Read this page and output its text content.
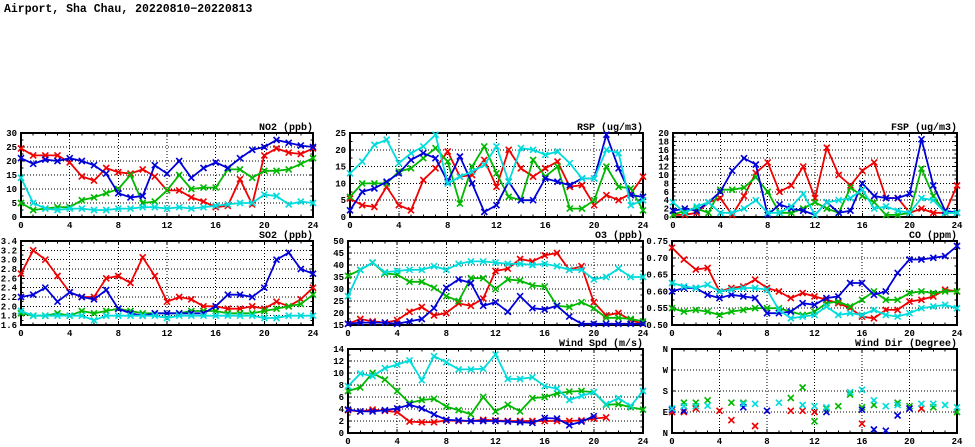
Airport, Sha Chau, 20220810−20220813
0
5
10
15
20
25
30
0	4	8	12	16	20	24
NO2 (ppb)
0
5
10
15
20
25
0	4	8	12	16	20	24
RSP (ug/m3)
0
2
4
6
8
10
12
14
16
18
20
0	4	8	12	16	20	24
FSP (ug/m3)
1.6
1.8
2.0
2.2
2.4
2.6
2.8
3.0
3.2
3.4
0	4	8	12	16	20	24
SO2 (ppb)
15
20
25
30
35
40
45
50
0	4	8	12	16	20	24
O3 (ppb)
0.50
0.55
0.60
0.65
0.70
0.75
0	4	8	12	16	20	24
CO (ppm)
0
2
4
6
8
10
12
14
0	4	8	12	16	20	24
Wind Spd (m/s)
N
E
S
W
N
0	4	8	12	16	20	24
Wind Dir (Degree)
